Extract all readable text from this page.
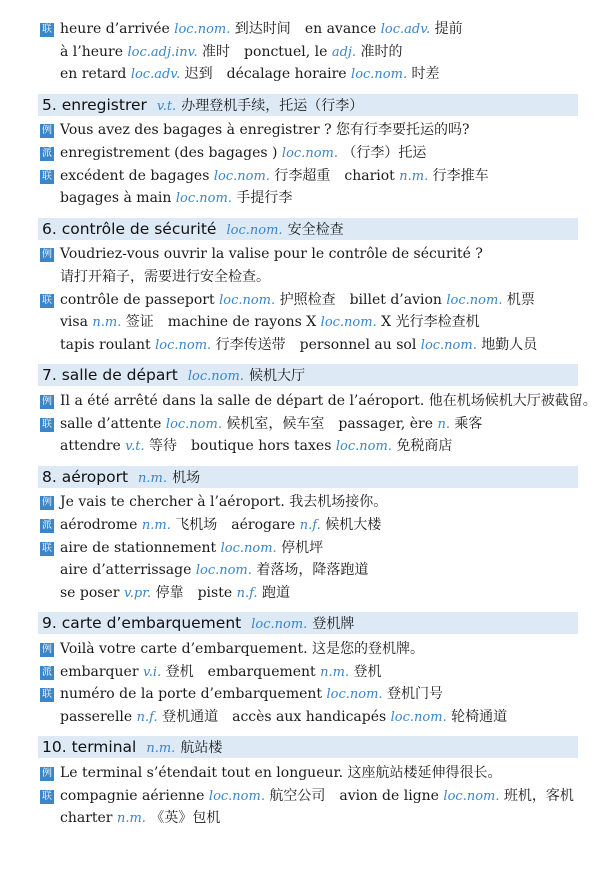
联 heure d’arrivée loc.nom. 到达时间 en avance loc.adv. 提前
à l’heure loc.adj.inv. 准时 ponctuel, le adj. 准时的
en retard loc.adv. 迟到 décalage horaire loc.nom. 时差
5. enregistrer v.t. 办理登机手续，托运（行李）
例 Vous avez des bagages à enregistrer ? 您有行李要托运的吗?
派 enregistrement (des bagages ) loc.nom. （行李）托运
联 excédent de bagages loc.nom. 行李超重 chariot n.m. 行李推车
bagages à main loc.nom. 手提行李
6. contrôle de sécurité loc.nom. 安全检查
例 Voudriez-vous ouvrir la valise pour le contrôle de sécurité ?
请打开箱子，需要进行安全检查。
联 contrôle de passeport loc.nom. 护照检查 billet d’avion loc.nom. 机票
visa n.m. 签证 machine de rayons X loc.nom. X 光行李检查机
tapis roulant loc.nom. 行李传送带 personnel au sol loc.nom. 地勤人员
7. salle de départ loc.nom. 候机大厅
例 Il a été arrêté dans la salle de départ de l’aéroport. 他在机场候机大厅被截留。
联 salle d’attente loc.nom. 候机室，候车室 passager, ère n. 乘客
attendre v.t. 等待 boutique hors taxes loc.nom. 免税商店
8. aéroport n.m. 机场
例 Je vais te chercher à l’aéroport. 我去机场接你。
派 aérodrome n.m. 飞机场 aérogare n.f. 候机大楼
联 aire de stationnement loc.nom. 停机坪
aire d’atterrissage loc.nom. 着落场，降落跑道
se poser v.pr. 停靠 piste n.f. 跑道
9. carte d’embarquement loc.nom. 登机牌
例 Voilà votre carte d’embarquement. 这是您的登机牌。
派 embarquer v.i. 登机 embarquement n.m. 登机
联 numéro de la porte d’embarquement loc.nom. 登机门号
passerelle n.f. 登机通道 accès aux handicapés loc.nom. 轮椅通道
10. terminal n.m. 航站楼
例 Le terminal s’étendait tout en longueur. 这座航站楼延伸得很长。
联 compagnie aérienne loc.nom. 航空公司 avion de ligne loc.nom. 班机，客机
charter n.m. 《英》包机
